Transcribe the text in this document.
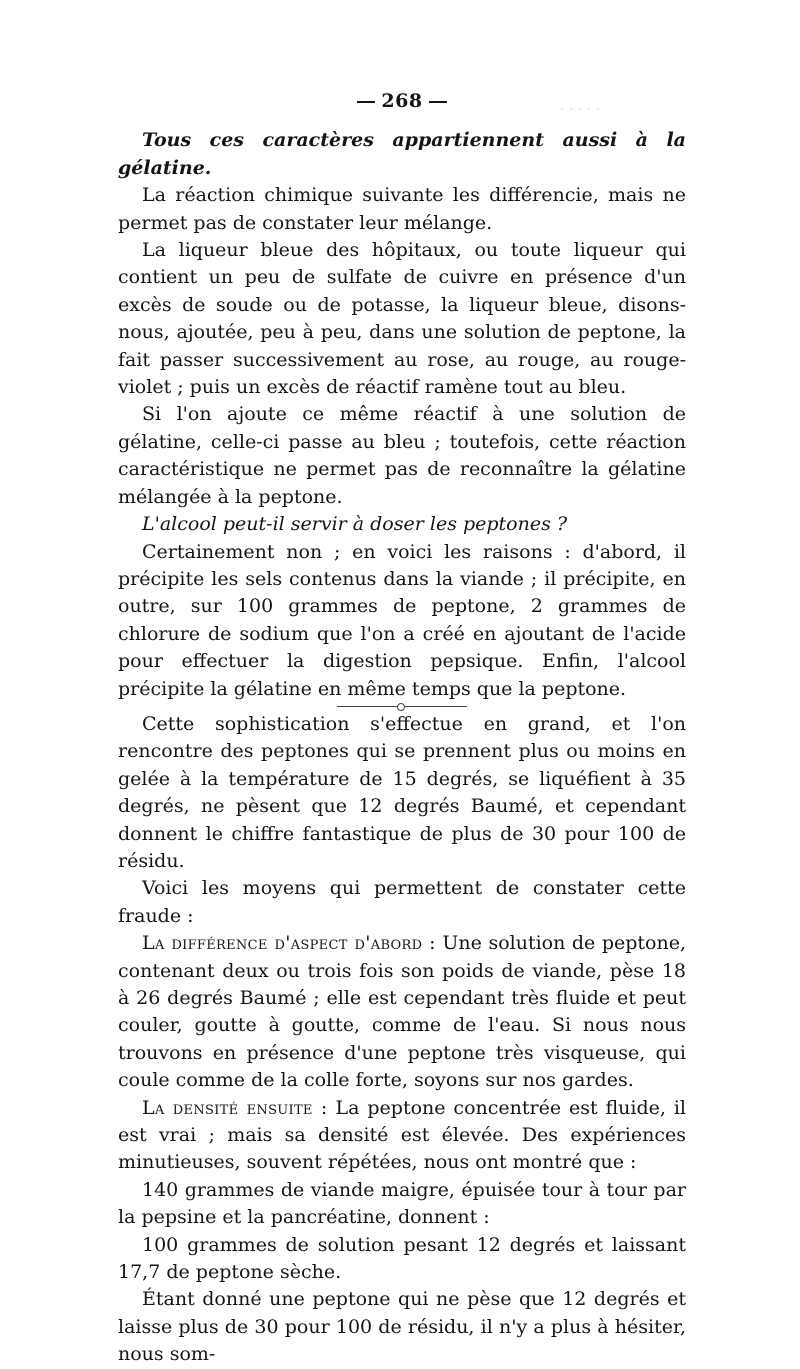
· · · · ·
268

Tous ces caractères appartiennent aussi à la gélatine.

La réaction chimique suivante les différencie, mais ne permet pas de constater leur mélange.

La liqueur bleue des hôpitaux, ou toute liqueur qui contient un peu de sulfate de cuivre en présence d'un excès de soude ou de potasse, la liqueur bleue, disons-nous, ajoutée, peu à peu, dans une solution de peptone, la fait passer successivement au rose, au rouge, au rouge-violet ; puis un excès de réactif ramène tout au bleu.

Si l'on ajoute ce même réactif à une solution de gélatine, celle-ci passe au bleu ; toutefois, cette réaction caractéristique ne permet pas de reconnaître la gélatine mélangée à la peptone.

L'alcool peut-il servir à doser les peptones ?

Certainement non ; en voici les raisons : d'abord, il précipite les sels contenus dans la viande ; il précipite, en outre, sur 100 grammes de peptone, 2 grammes de chlorure de sodium que l'on a créé en ajoutant de l'acide pour effectuer la digestion pepsique. Enfin, l'alcool précipite la gélatine en même temps que la peptone.

Cette sophistication s'effectue en grand, et l'on rencontre des peptones qui se prennent plus ou moins en gelée à la température de 15 degrés, se liquéfient à 35 degrés, ne pèsent que 12 degrés Baumé, et cependant donnent le chiffre fantastique de plus de 30 pour 100 de résidu.

Voici les moyens qui permettent de constater cette fraude :

La différence d'aspect d'abord : Une solution de peptone, contenant deux ou trois fois son poids de viande, pèse 18 à 26 degrés Baumé ; elle est cependant très fluide et peut couler, goutte à goutte, comme de l'eau. Si nous nous trouvons en présence d'une peptone très visqueuse, qui coule comme de la colle forte, soyons sur nos gardes.

La densité ensuite : La peptone concentrée est fluide, il est vrai ; mais sa densité est élevée. Des expériences minutieuses, souvent répétées, nous ont montré que :

140 grammes de viande maigre, épuisée tour à tour par la pepsine et la pancréatine, donnent :

100 grammes de solution pesant 12 degrés et laissant 17,7 de peptone sèche.

Étant donné une peptone qui ne pèse que 12 degrés et laisse plus de 30 pour 100 de résidu, il n'y a plus à hésiter, nous som-
